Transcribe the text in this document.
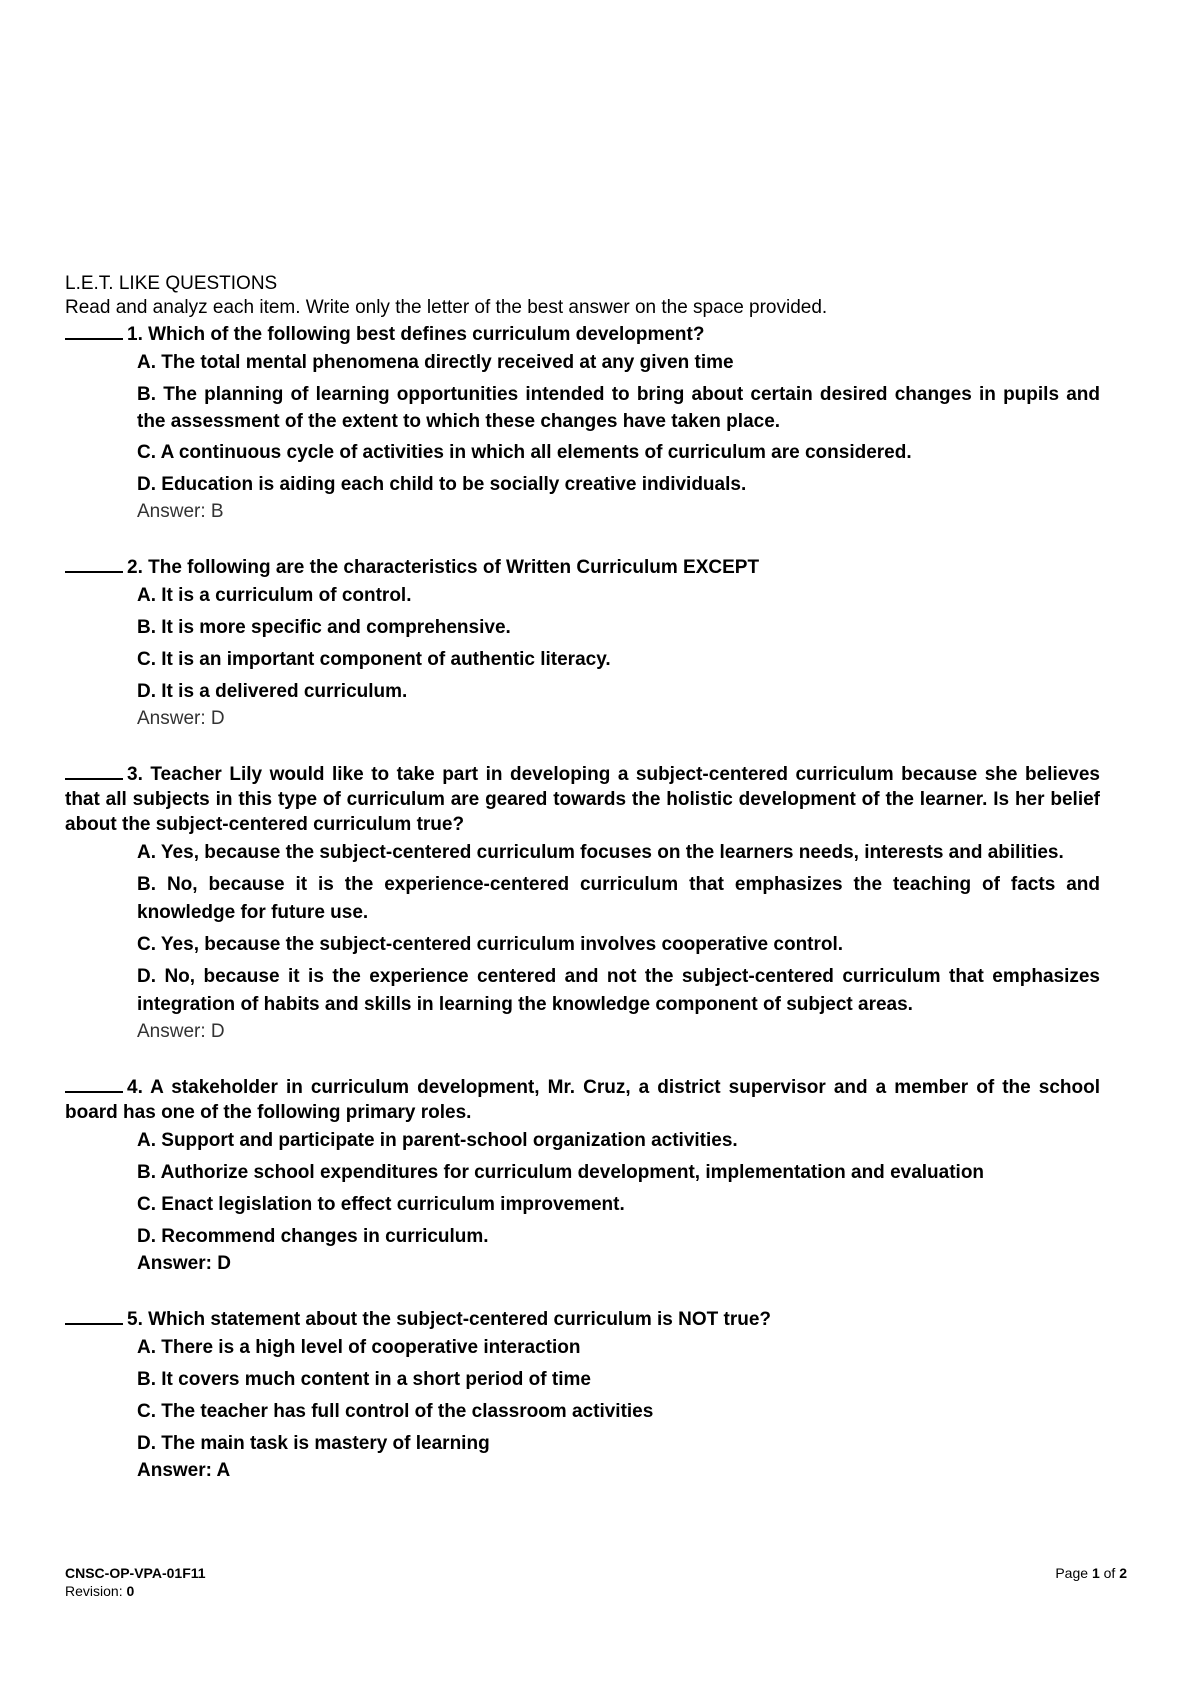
L.E.T. LIKE QUESTIONS
Read and analyz each item. Write only the letter of the best answer on the space provided.
1. Which of the following best defines curriculum development?
A. The total mental phenomena directly received at any given time
B. The planning of learning opportunities intended to bring about certain desired changes in pupils and the assessment of the extent to which these changes have taken place.
C. A continuous cycle of activities in which all elements of curriculum are considered.
D. Education is aiding each child to be socially creative individuals.
Answer: B
2. The following are the characteristics of Written Curriculum EXCEPT
A. It is a curriculum of control.
B. It is more specific and comprehensive.
C. It is an important component of authentic literacy.
D. It is a delivered curriculum.
Answer: D
3. Teacher Lily would like to take part in developing a subject-centered curriculum because she believes that all subjects in this type of curriculum are geared towards the holistic development of the learner. Is her belief about the subject-centered curriculum true?
A. Yes, because the subject-centered curriculum focuses on the learners needs, interests and abilities.
B. No, because it is the experience-centered curriculum that emphasizes the teaching of facts and knowledge for future use.
C. Yes, because the subject-centered curriculum involves cooperative control.
D. No, because it is the experience centered and not the subject-centered curriculum that emphasizes integration of habits and skills in learning the knowledge component of subject areas.
Answer: D
4. A stakeholder in curriculum development, Mr. Cruz, a district supervisor and a member of the school board has one of the following primary roles.
A. Support and participate in parent-school organization activities.
B. Authorize school expenditures for curriculum development, implementation and evaluation
C. Enact legislation to effect curriculum improvement.
D. Recommend changes in curriculum.
Answer: D
5. Which statement about the subject-centered curriculum is NOT true?
A. There is a high level of cooperative interaction
B. It covers much content in a short period of time
C. The teacher has full control of the classroom activities
D. The main task is mastery of learning
Answer: A
CNSC-OP-VPA-01F11
Revision: 0
Page 1 of 2
